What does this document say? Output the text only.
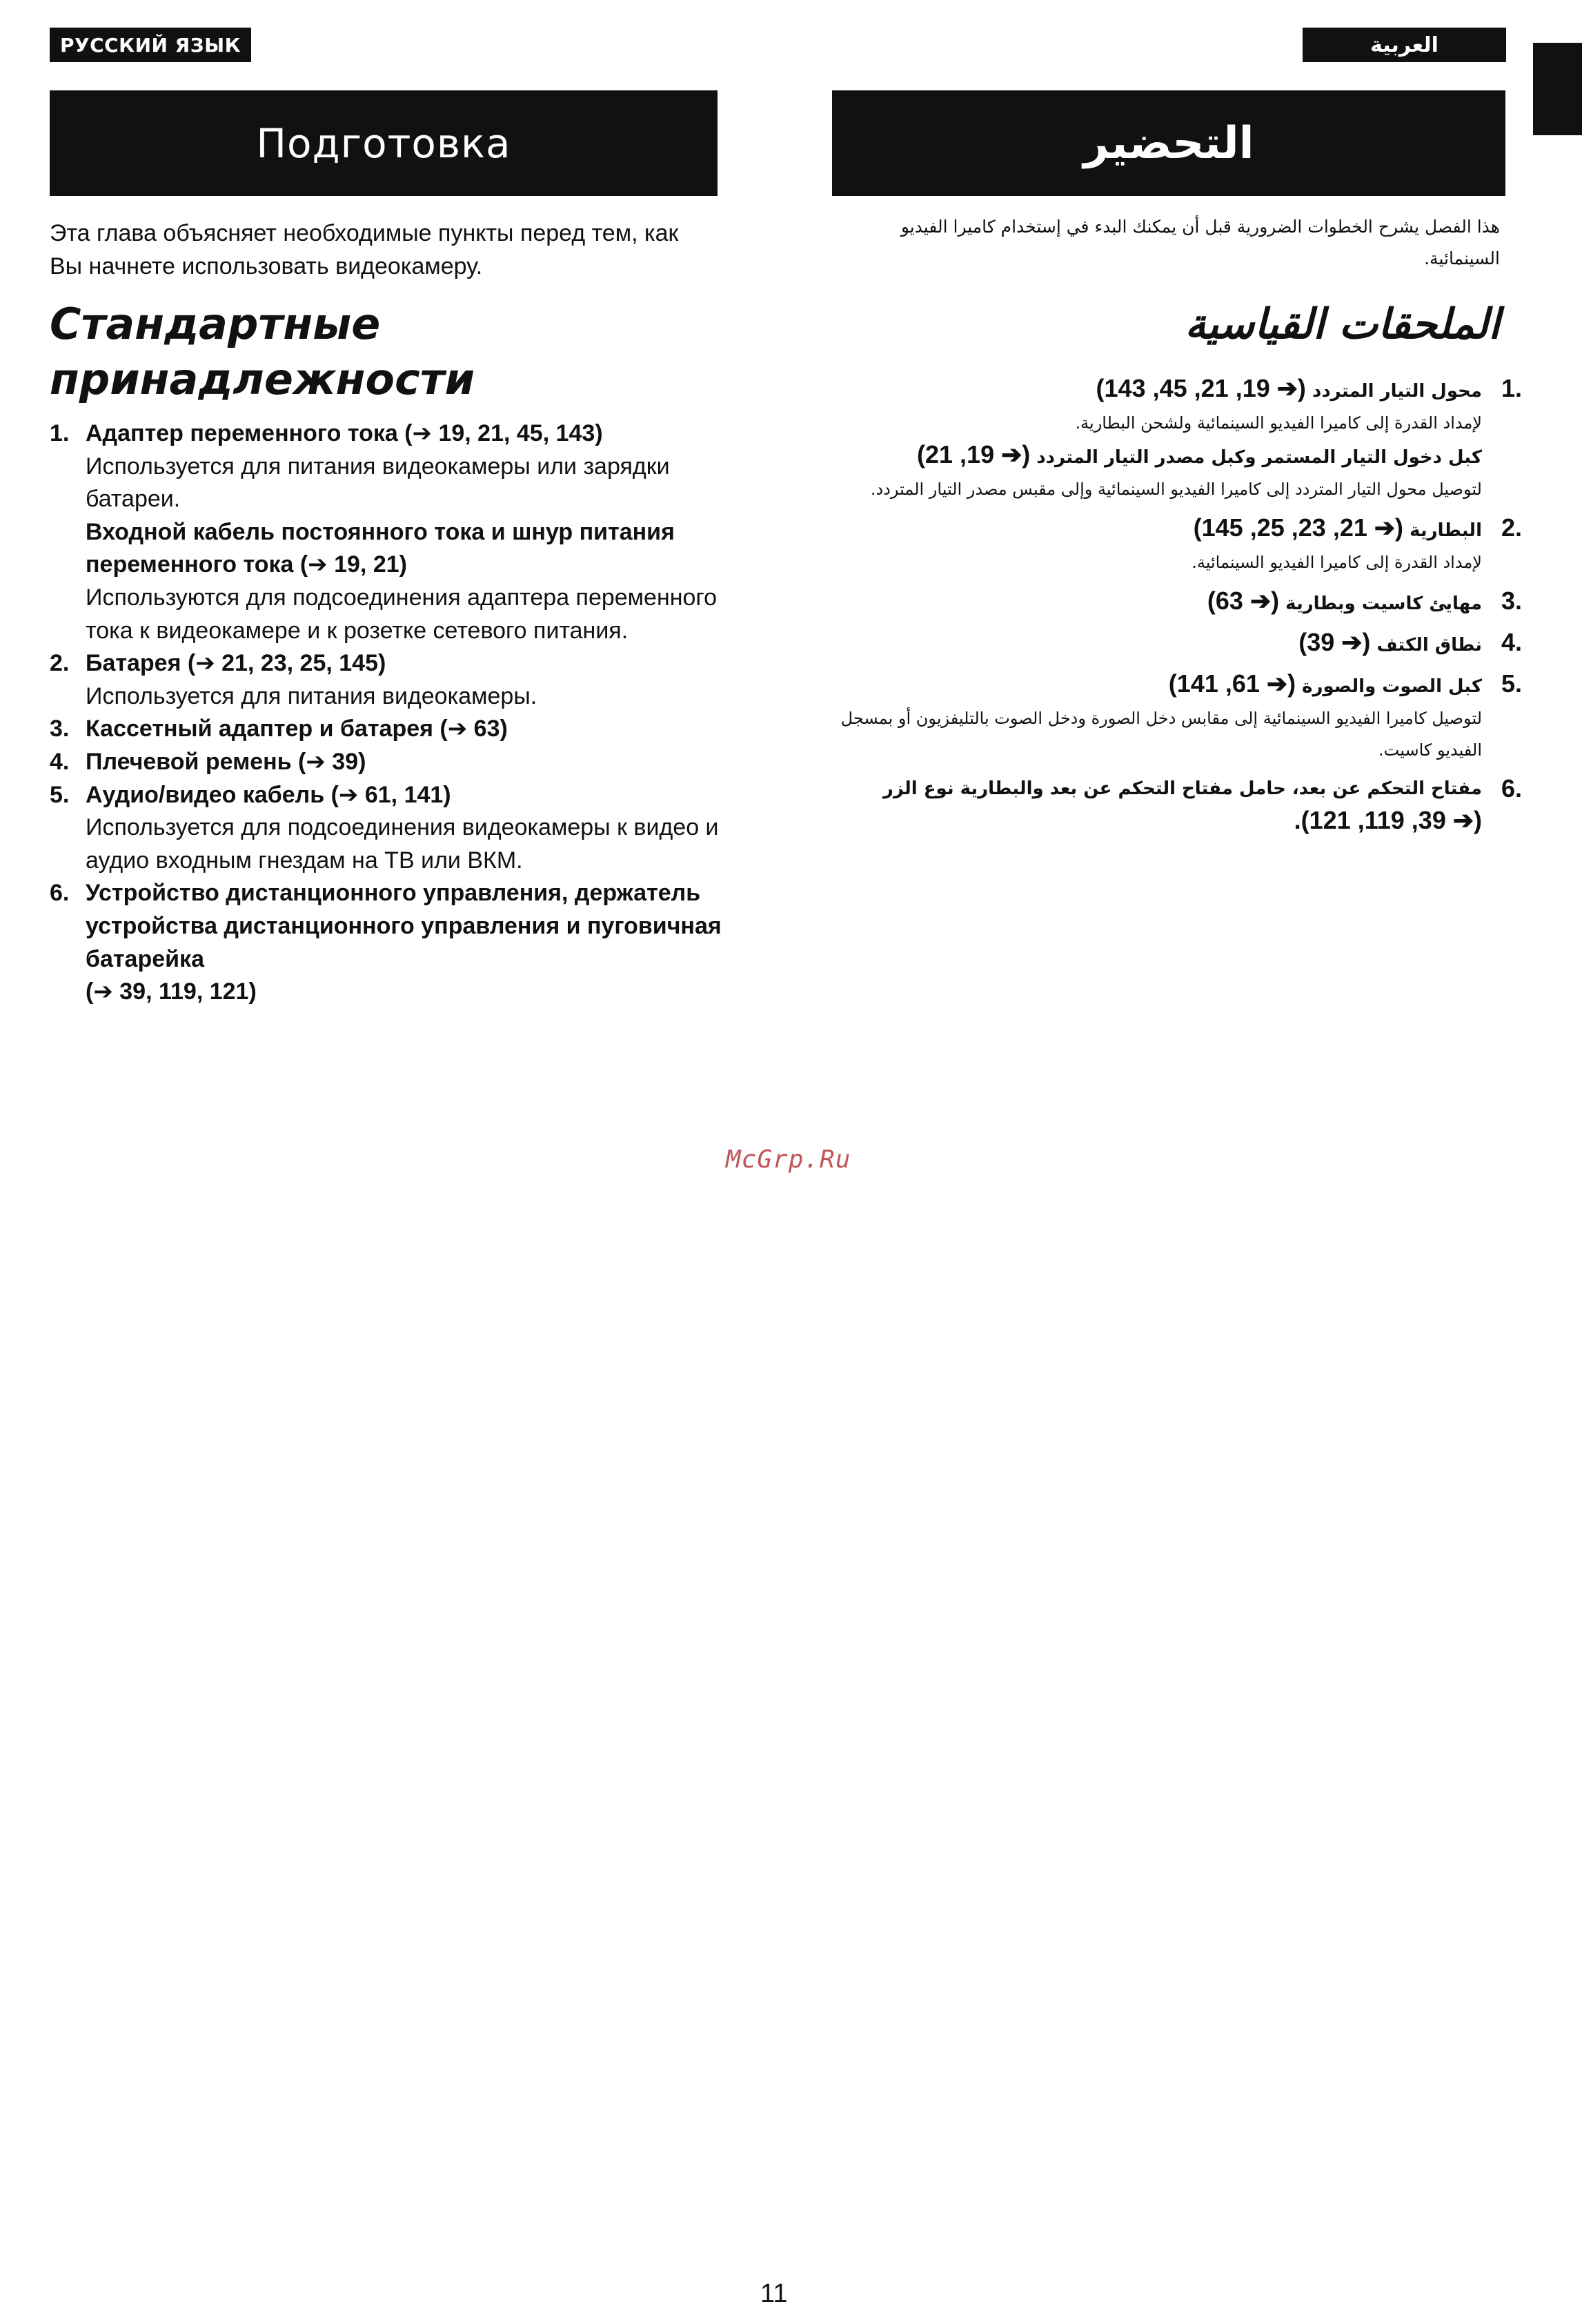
РУССКИЙ ЯЗЫК	العربية
Подготовка	التحضير
Эта глава объясняет необходимые пункты перед тем, как Вы начнете использовать видеокамеру.
Стандартные
принадлежности
1. Адаптер переменного тока (➔ 19, 21, 45, 143)
Используется для питания видеокамеры или зарядки батареи.
Входной кабель постоянного тока и шнур питания переменного тока (➔ 19, 21)
Используются для подсоединения адаптера переменного тока к видеокамере и к розетке сетевого питания.
2. Батарея (➔ 21, 23, 25, 145)
Используется для питания видеокамеры.
3. Кассетный адаптер и батарея (➔ 63)
4. Плечевой ремень (➔ 39)
5. Аудио/видео кабель (➔ 61, 141)
Используется для подсоединения видеокамеры к видео и аудио входным гнездам на ТВ или ВКМ.
6. Устройство дистанционного управления, держатель устройства дистанционного управления и пуговичная батарейка
(➔ 39, 119, 121)
هذا الفصل يشرح الخطوات الضرورية قبل أن يمكنك البدء في إستخدام كاميرا الفيديو السينمائية.
الملحقات القياسية
.1
محول التيار المتردد (➔ 19, 21, 45, 143)
لإمداد القدرة إلى كاميرا الفيديو السينمائية ولشحن البطارية.
كبل دخول التيار المستمر وكبل مصدر التيار المتردد (➔ 19, 21)
لتوصيل محول التيار المتردد إلى كاميرا الفيديو السينمائية وإلى مقبس مصدر التيار المتردد.
.2
البطارية (➔ 21, 23, 25, 145)
لإمداد القدرة إلى كاميرا الفيديو السينمائية.
.3
مهايئ كاسيت وبطارية (➔ 63)
.4
نطاق الكتف (➔ 39)
.5
كبل الصوت والصورة (➔ 61, 141)
لتوصيل كاميرا الفيديو السينمائية إلى مقابس دخل الصورة ودخل الصوت بالتليفزيون أو بمسجل الفيديو كاسيت.
.6
مفتاح التحكم عن بعد، حامل مفتاح التحكم عن بعد والبطارية نوع الزر
(➔ 39, 119, 121).
McGrp.Ru
11
